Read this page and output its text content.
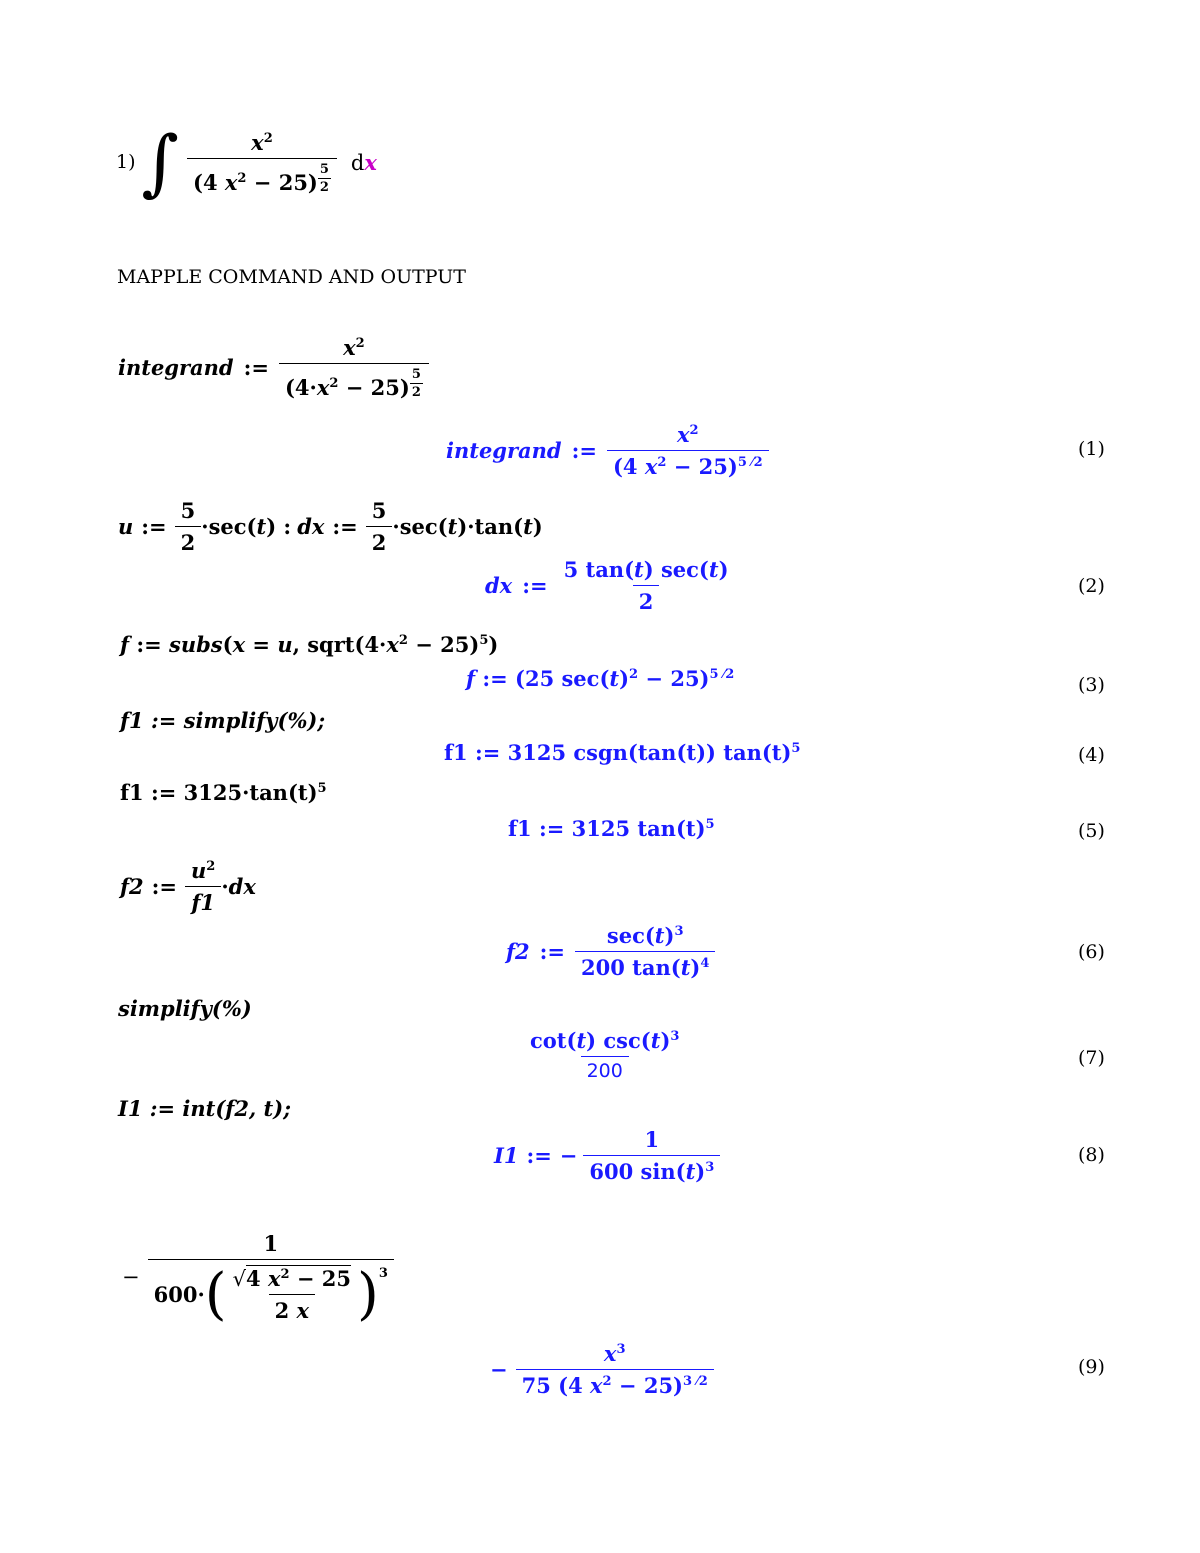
1) ∫ $x^2$
(4 $x^2 - 25$) $^{\frac{5}{2}}$ dx
MAPPLE COMMAND AND OUTPUT
integrand := $x^2$
$(4\cdot x^2 - 25)$ $^{\frac{5}{2}}$
integrand := $\frac{x^2}{(4 x^2 - 25)^{5 ⁄2}}$	(1)
u := $\frac{5}{2} \cdot\sec(t)$ : dx := $\frac{5}{2} \cdot\sec(t)\cdot\tan(t)$
dx := $\frac{5 \tan(t) \sec(t)}{2}$	(2)
f := subs(x = u, $sqrt(4\cdot x^2 - 25)^5$)
f := (25 $\sec(t)^2 - 25)^{5 ⁄2}$	(3)
f1 := simplify(%);
f1 := 3125 csgn(tan(t)) $\tan(t)^5$	(4)
f1 := $3125\cdot\tan(t)^5$
f1 := 3125 $\tan(t)^5$	(5)
f2 := $\frac{u^2}{f1} \cdot dx$
f2 := $\frac{\sec(t)^3}{200 \tan(t)^4}$	(6)
simplify(%)
$\frac{\cot(t) \csc(t)^3}{200}$	(7)
I1 := int(f2, t);
I1 := − $\frac{1}{600 \sin(t)^3}$	(8)
−
1
600· ( $\frac{√4 x^2 - 25}{2 x} )^3$
− $\frac{x^3}{75 (4 x^2 - 25)^{3 ⁄2}}$	(9)
